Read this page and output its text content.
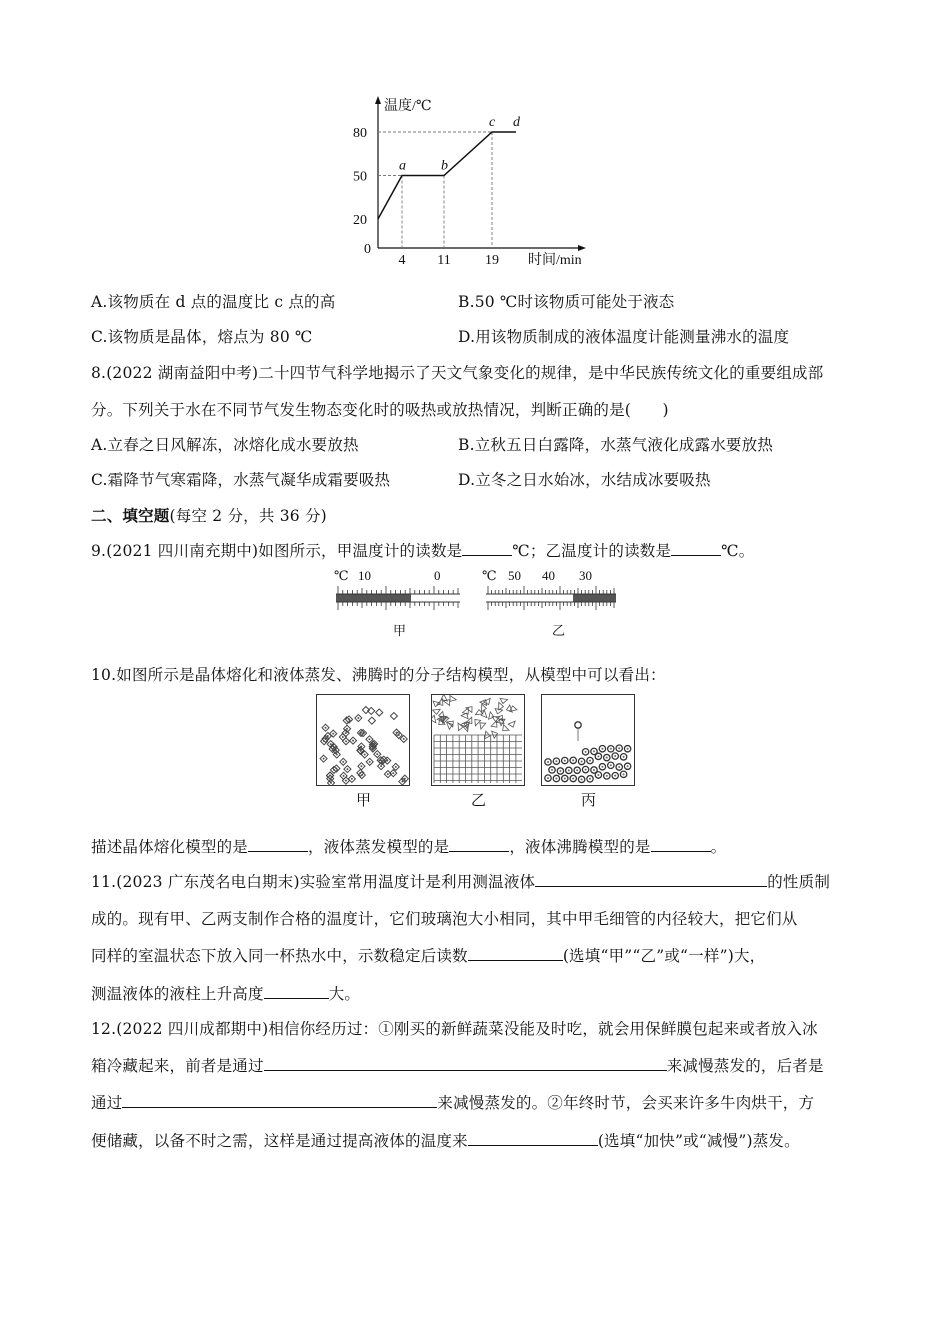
温度/℃
时间/min
0
20
50
80
4 11 19
a	b
c d
A.该物质在 d 点的温度比 c 点的高	B.50 ℃时该物质可能处于液态
C.该物质是晶体，熔点为 80 ℃	D.用该物质制成的液体温度计能测量沸水的温度
8.(2022 湖南益阳中考)二十四节气科学地揭示了天文气象变化的规律，是中华民族传统文化的重要组成部
分。下列关于水在不同节气发生物态变化时的吸热或放热情况，判断正确的是(　　)
A.立春之日风解冻，冰熔化成水要放热	B.立秋五日白露降，水蒸气液化成露水要放热
C.霜降节气寒霜降，水蒸气凝华成霜要吸热	D.立冬之日水始冰，水结成冰要吸热
二、填空题(每空 2 分，共 36 分)
9.(2021 四川南充期中)如图所示，甲温度计的读数是	℃；乙温度计的读数是	℃。
℃ 10	0
甲
℃ 50 40 30
乙
10.如图所示是晶体熔化和液体蒸发、沸腾时的分子结构模型，从模型中可以看出：
甲	乙	丙
描述晶体熔化模型的是	，液体蒸发模型的是	，液体沸腾模型的是	。
11.(2023 广东茂名电白期末)实验室常用温度计是利用测温液体	的性质制
成的。现有甲、乙两支制作合格的温度计，它们玻璃泡大小相同，其中甲毛细管的内径较大，把它们从
同样的室温状态下放入同一杯热水中，示数稳定后读数	(选填“甲”“乙”或“一样”)大，
测温液体的液柱上升高度	大。
12.(2022 四川成都期中)相信你经历过：①刚买的新鲜蔬菜没能及时吃，就会用保鲜膜包起来或者放入冰
箱冷藏起来，前者是通过	来减慢蒸发的，后者是
通过	来减慢蒸发的。②年终时节，会买来许多牛肉烘干，方
便储藏，以备不时之需，这样是通过提高液体的温度来	(选填“加快”或“减慢”)蒸发。
